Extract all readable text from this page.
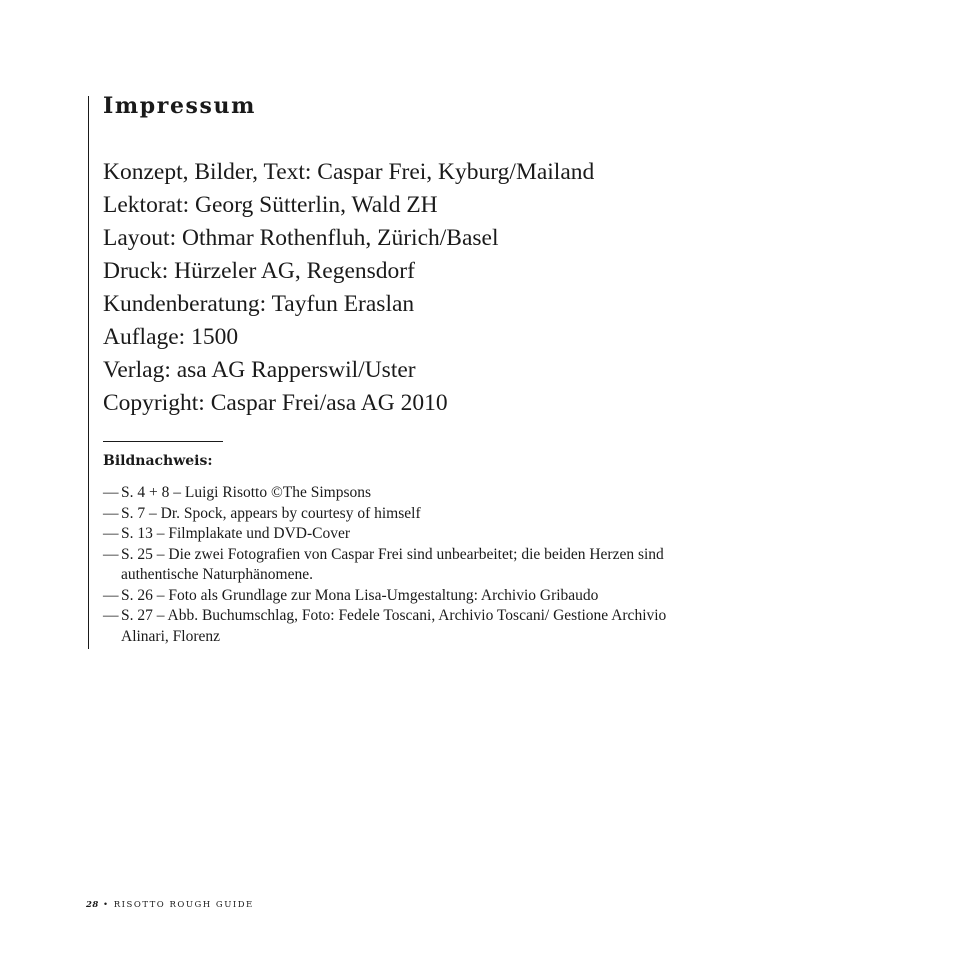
Impressum
Konzept, Bilder, Text: Caspar Frei, Kyburg/Mailand
Lektorat: Georg Sütterlin, Wald ZH
Layout: Othmar Rothenfluh, Zürich/Basel
Druck: Hürzeler AG, Regensdorf
Kundenberatung: Tayfun Eraslan
Auflage: 1500
Verlag: asa AG Rapperswil/Uster
Copyright: Caspar Frei/asa AG 2010
Bildnachweis:
— S. 4 + 8 – Luigi Risotto ©The Simpsons
— S. 7 – Dr. Spock, appears by courtesy of himself
— S. 13 – Filmplakate und DVD-Cover
— S. 25 – Die zwei Fotografien von Caspar Frei sind unbearbeitet; die beiden Herzen sind authentische Naturphänomene.
— S. 26 – Foto als Grundlage zur Mona Lisa-Umgestaltung: Archivio Gribaudo
— S. 27 – Abb. Buchumschlag, Foto: Fedele Toscani, Archivio Toscani/ Gestione Archivio Alinari, Florenz
28 • RISOTTO ROUGH GUIDE
